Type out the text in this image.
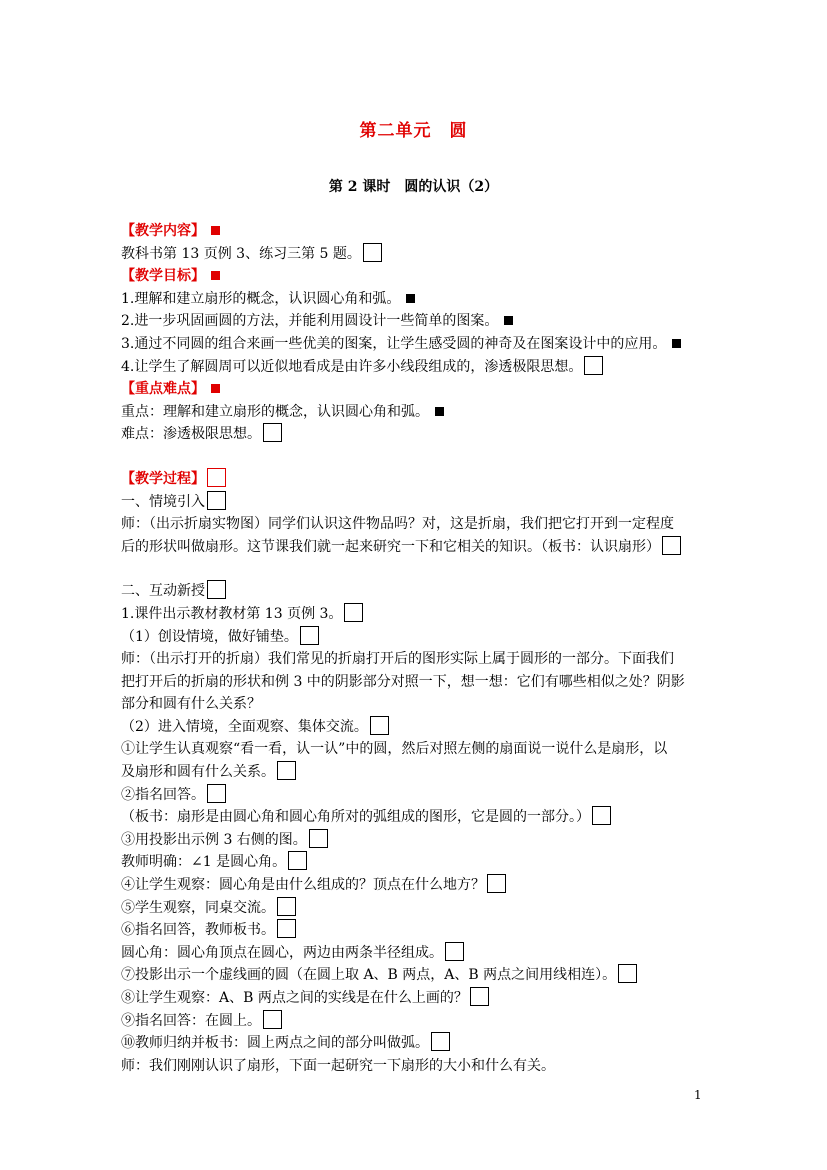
第二单元　圆
第 2 课时　圆的认识（2）
【教学内容】
教科书第 13 页例 3、练习三第 5 题。
【教学目标】
1.理解和建立扇形的概念，认识圆心角和弧。
2.进一步巩固画圆的方法，并能利用圆设计一些简单的图案。
3.通过不同圆的组合来画一些优美的图案，让学生感受圆的神奇及在图案设计中的应用。
4.让学生了解圆周可以近似地看成是由许多小线段组成的，渗透极限思想。
【重点难点】
重点：理解和建立扇形的概念，认识圆心角和弧。
难点：渗透极限思想。
【教学过程】
一、情境引入
师：（出示折扇实物图）同学们认识这件物品吗？对，这是折扇，我们把它打开到一定程度
后的形状叫做扇形。这节课我们就一起来研究一下和它相关的知识。（板书：认识扇形）
二、互动新授
1.课件出示教材教材第 13 页例 3。
（1）创设情境，做好铺垫。
师：（出示打开的折扇）我们常见的折扇打开后的图形实际上属于圆形的一部分。下面我们
把打开后的折扇的形状和例 3 中的阴影部分对照一下，想一想：它们有哪些相似之处？阴影
部分和圆有什么关系？
（2）进入情境，全面观察、集体交流。
①让学生认真观察“看一看，认一认”中的圆，然后对照左侧的扇面说一说什么是扇形，以
及扇形和圆有什么关系。
②指名回答。
（板书：扇形是由圆心角和圆心角所对的弧组成的图形，它是圆的一部分。）
③用投影出示例 3 右侧的图。
教师明确：∠1 是圆心角。
④让学生观察：圆心角是由什么组成的？顶点在什么地方？
⑤学生观察，同桌交流。
⑥指名回答，教师板书。
圆心角：圆心角顶点在圆心，两边由两条半径组成。
⑦投影出示一个虚线画的圆（在圆上取 A、B 两点，A、B 两点之间用线相连）。
⑧让学生观察：A、B 两点之间的实线是在什么上画的？
⑨指名回答：在圆上。
⑩教师归纳并板书：圆上两点之间的部分叫做弧。
师：我们刚刚认识了扇形，下面一起研究一下扇形的大小和什么有关。
1
